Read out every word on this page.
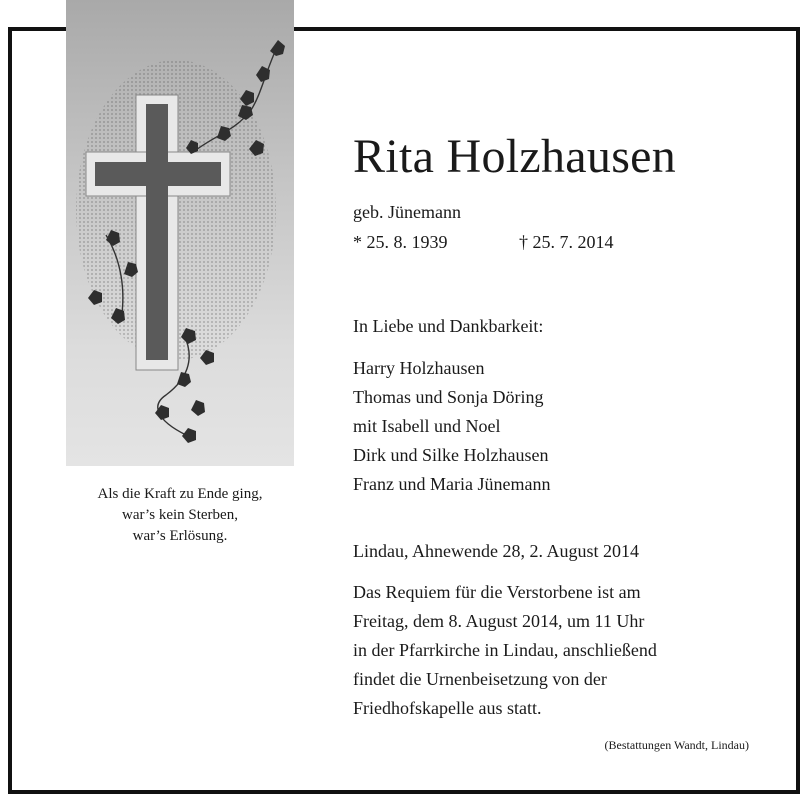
Als die Kraft zu Ende ging,
war’s kein Sterben,
war’s Erlösung.
Rita Holzhausen
geb. Jünemann
* 25. 8. 1939	† 25. 7. 2014
In Liebe und Dankbarkeit:
Harry Holzhausen
Thomas und Sonja Döring
mit Isabell und Noel
Dirk und Silke Holzhausen
Franz und Maria Jünemann
Lindau, Ahnewende 28, 2. August 2014
Das Requiem für die Verstorbene ist am
Freitag, dem 8. August 2014, um 11 Uhr
in der Pfarrkirche in Lindau, anschließend
findet die Urnenbeisetzung von der
Friedhofskapelle aus statt.
(Bestattungen Wandt, Lindau)
